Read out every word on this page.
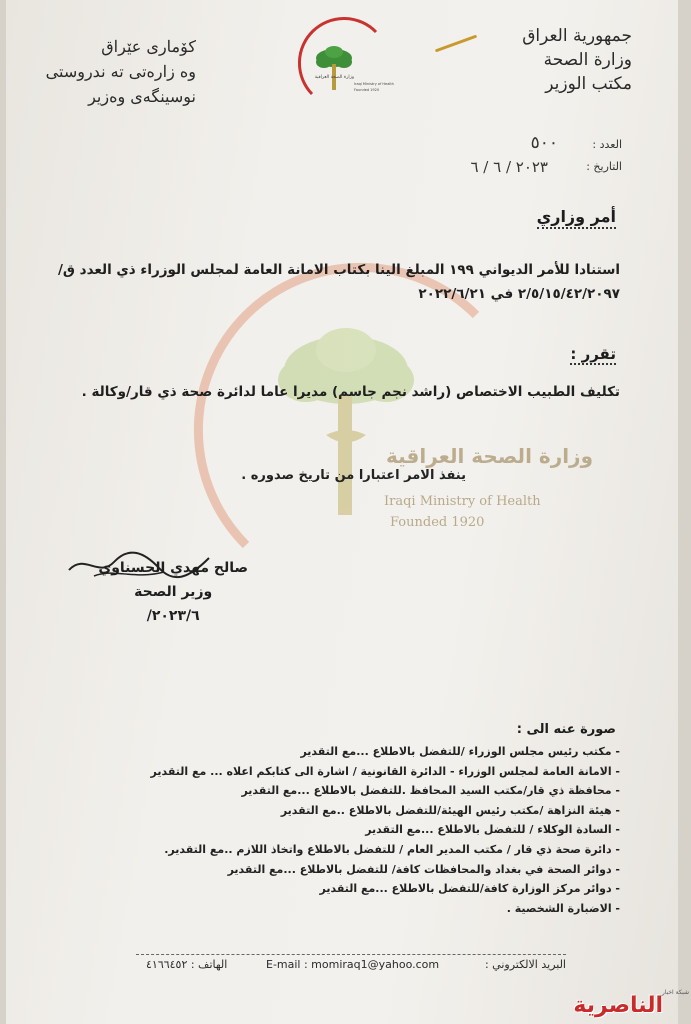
وزارة الصحة العراقية
Iraqi Ministry of Health
Founded 1920
جمهورية العراق
وزارة الصحة
مكتب الوزير
كۆماری عێراق
وه زارەتی ته ندروستی
نوسینگەی وەزیر
وزارة الصحة العراقية
Iraqi Ministry of Health
Founded 1920
العدد :
التاريخ :
٥٠٠
٢٠٢٣ / ٦ / ٦
أمر وزاري
استنادا للأمر الديواني ١٩٩ المبلغ الينا بكتاب الامانة العامة لمجلس الوزراء ذي العدد ق/٢/٥/١٥/٤٢/٢٠٩٧ في ٢٠٢٢/٦/٢١
تقرر :
تكليف الطبيب الاختصاص (راشد نجم جاسم) مديرا عاما لدائرة صحة ذي قار/وكالة .
ينفذ الامر اعتبارا من تاريخ صدوره .
صالح مهدي الحسناوي
وزير الصحة
٢٠٢٣/٦/
صورة عنه الى :
- مكتب رئيس مجلس الوزراء /للتفضل بالاطلاع ...مع التقدير
- الامانة العامة لمجلس الوزراء - الدائرة القانونية / اشارة الى كتابكم اعلاه ... مع التقدير
- محافظة ذي قار/مكتب السيد المحافظ .للتفضل بالاطلاع ...مع التقدير
- هيئة النزاهة /مكتب رئيس الهيئة/للتفضل بالاطلاع ..مع التقدير
- السادة الوكلاء / للتفضل بالاطلاع ...مع التقدير
- دائرة صحة ذي قار / مكتب المدير العام / للتفضل بالاطلاع واتخاذ اللازم ..مع التقدير.
- دوائر الصحة في بغداد والمحافظات كافة/ للتفضل بالاطلاع ...مع التقدير
- دوائر مركز الوزارة كافة/للتفضل بالاطلاع ...مع التقدير
- الاضبارة الشخصية .
الهاتف : ٤١٦٦٤٥٢	E-mail : momiraq1@yahoo.com	البريد الالكتروني :
شبكة اخبار
الناصرية
